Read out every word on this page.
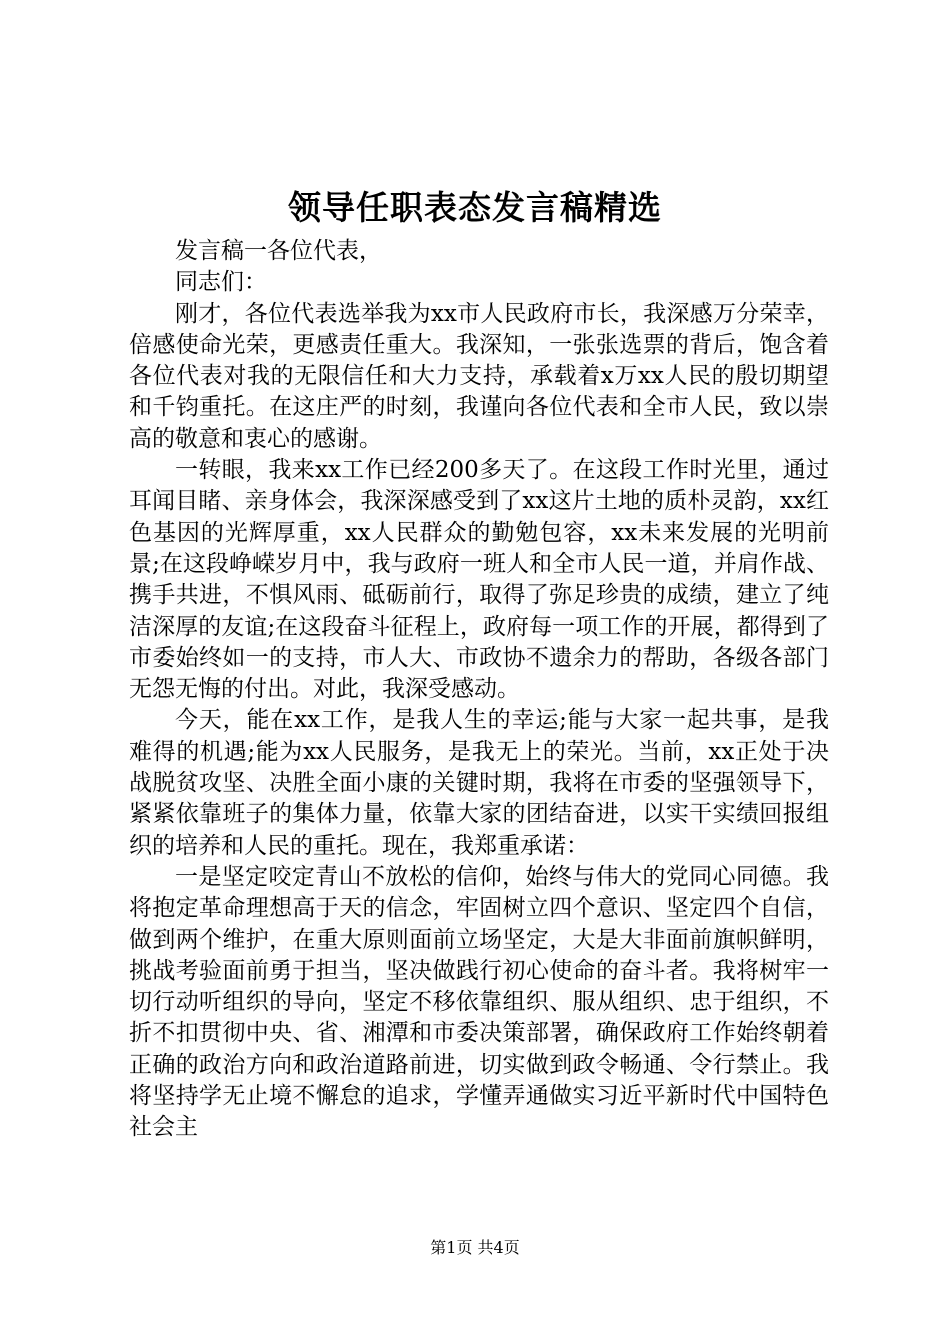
领导任职表态发言稿精选

发言稿一各位代表，

同志们：

刚才，各位代表选举我为xx市人民政府市长，我深感万分荣幸，倍感使命光荣，更感责任重大。我深知，一张张选票的背后，饱含着各位代表对我的无限信任和大力支持，承载着x万xx人民的殷切期望和千钧重托。在这庄严的时刻，我谨向各位代表和全市人民，致以崇高的敬意和衷心的感谢。

一转眼，我来xx工作已经200多天了。在这段工作时光里，通过耳闻目睹、亲身体会，我深深感受到了xx这片土地的质朴灵韵，xx红色基因的光辉厚重，xx人民群众的勤勉包容，xx未来发展的光明前景;在这段峥嵘岁月中，我与政府一班人和全市人民一道，并肩作战、携手共进，不惧风雨、砥砺前行，取得了弥足珍贵的成绩，建立了纯洁深厚的友谊;在这段奋斗征程上，政府每一项工作的开展，都得到了市委始终如一的支持，市人大、市政协不遗余力的帮助，各级各部门无怨无悔的付出。对此，我深受感动。

今天，能在xx工作，是我人生的幸运;能与大家一起共事，是我难得的机遇;能为xx人民服务，是我无上的荣光。当前，xx正处于决战脱贫攻坚、决胜全面小康的关键时期，我将在市委的坚强领导下，紧紧依靠班子的集体力量，依靠大家的团结奋进，以实干实绩回报组织的培养和人民的重托。现在，我郑重承诺：

一是坚定咬定青山不放松的信仰，始终与伟大的党同心同德。我将抱定革命理想高于天的信念，牢固树立四个意识、坚定四个自信，做到两个维护，在重大原则面前立场坚定，大是大非面前旗帜鲜明，挑战考验面前勇于担当，坚决做践行初心使命的奋斗者。我将树牢一切行动听组织的导向，坚定不移依靠组织、服从组织、忠于组织，不折不扣贯彻中央、省、湘潭和市委决策部署，确保政府工作始终朝着正确的政治方向和政治道路前进，切实做到政令畅通、令行禁止。我将坚持学无止境不懈怠的追求，学懂弄通做实习近平新时代中国特色社会主

第1页 共4页
